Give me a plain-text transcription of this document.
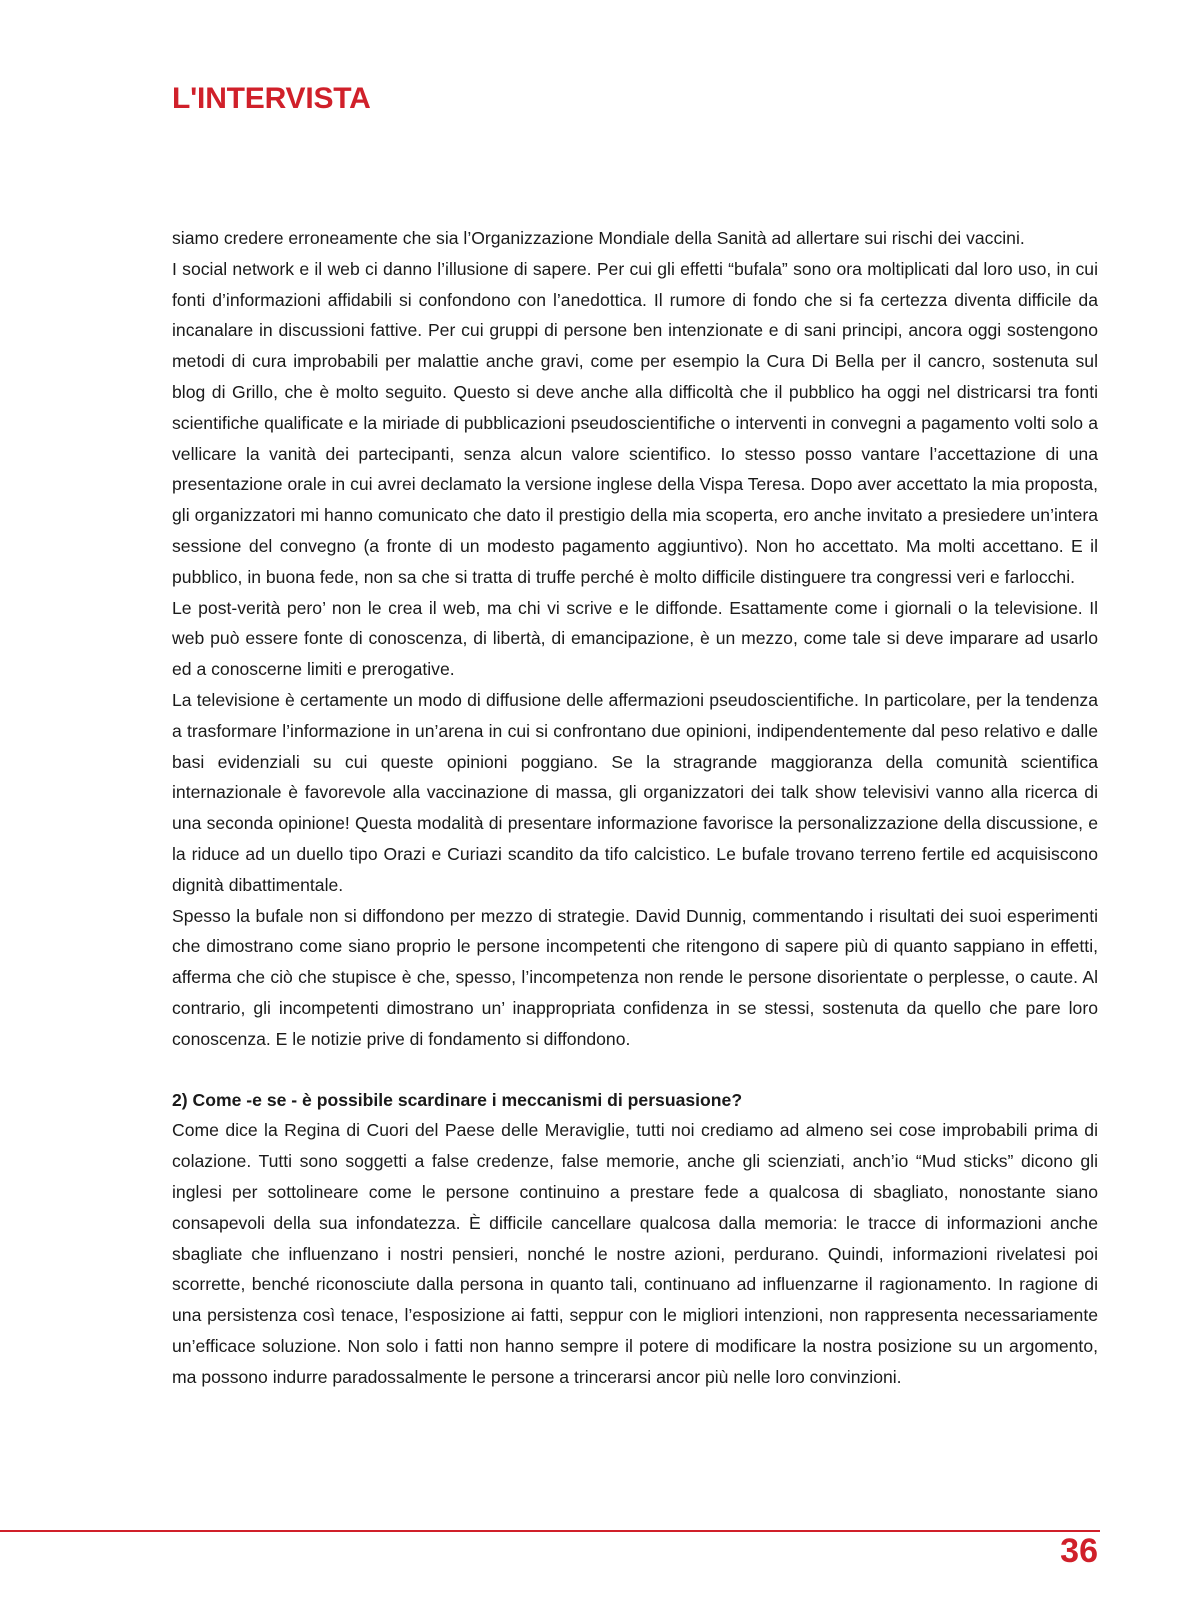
L'INTERVISTA

siamo credere erroneamente che sia l’Organizzazione Mondiale della Sanità ad allertare sui rischi dei vaccini.

I social network e il web ci danno l’illusione di sapere. Per cui gli effetti “bufala” sono ora moltiplicati dal loro uso, in cui fonti d’informazioni affidabili si confondono con l’anedottica. Il rumore di fondo che si fa certezza diventa difficile da incanalare in discussioni fattive. Per cui gruppi di persone ben intenzionate e di sani principi, ancora oggi sostengono metodi di cura improbabili per malattie anche gravi, come per esempio la Cura Di Bella per il cancro, sostenuta sul blog di Grillo, che è molto seguito. Questo si deve anche alla difficoltà che il pubblico ha oggi nel districarsi tra fonti scientifiche qualificate e la miriade di pubblicazioni pseudoscientifiche o interventi in convegni a pagamento volti solo a vellicare la vanità dei partecipanti, senza alcun valore scientifico. Io stesso posso vantare l’accettazione di una presentazione orale in cui avrei declamato la versione inglese della Vispa Teresa. Dopo aver accettato la mia proposta, gli organizzatori mi hanno comunicato che dato il prestigio della mia scoperta, ero anche invitato a presiedere un’intera sessione del convegno (a fronte di un modesto pagamento aggiuntivo). Non ho accettato. Ma molti accettano. E il pubblico, in buona fede, non sa che si tratta di truffe perché è molto difficile distinguere tra congressi veri e farlocchi.

Le post-verità pero’ non le crea il web, ma chi vi scrive e le diffonde. Esattamente come i giornali o la televisione. Il web può essere fonte di conoscenza, di libertà, di emancipazione, è un mezzo, come tale si deve imparare ad usarlo ed a conoscerne limiti e prerogative.

La televisione è certamente un modo di diffusione delle affermazioni pseudoscientifiche. In particolare, per la tendenza a trasformare l’informazione in un’arena in cui si confrontano due opinioni, indipendentemente dal peso relativo e dalle basi evidenziali su cui queste opinioni poggiano. Se la stragrande maggioranza della comunità scientifica internazionale è favorevole alla vaccinazione di massa, gli organizzatori dei talk show televisivi vanno alla ricerca di una seconda opinione! Questa modalità di presentare informazione favorisce la personalizzazione della discussione, e la riduce ad un duello tipo Orazi e Curiazi scandito da tifo calcistico. Le bufale trovano terreno fertile ed acquisiscono dignità dibattimentale.

Spesso la bufale non si diffondono per mezzo di strategie. David Dunnig, commentando i risultati dei suoi esperimenti che dimostrano come siano proprio le persone incompetenti che ritengono di sapere più di quanto sappiano in effetti, afferma che ciò che stupisce è che, spesso, l’incompetenza non rende le persone disorientate o perplesse, o caute. Al contrario, gli incompetenti dimostrano un’ inappropriata confidenza in se stessi, sostenuta da quello che pare loro conoscenza. E le notizie prive di fondamento si diffondono.

2) Come -e se - è possibile scardinare i meccanismi di persuasione?

Come dice la Regina di Cuori del Paese delle Meraviglie, tutti noi crediamo ad almeno sei cose improbabili prima di colazione. Tutti sono soggetti a false credenze, false memorie, anche gli scienziati, anch’io “Mud sticks” dicono gli inglesi per sottolineare come le persone continuino a prestare fede a qualcosa di sbagliato, nonostante siano consapevoli della sua infondatezza. È difficile cancellare qualcosa dalla memoria: le tracce di informazioni anche sbagliate che influenzano i nostri pensieri, nonché le nostre azioni, perdurano. Quindi, informazioni rivelatesi poi scorrette, benché riconosciute dalla persona in quanto tali, continuano ad influenzarne il ragionamento. In ragione di una persistenza così tenace, l’esposizione ai fatti, seppur con le migliori intenzioni, non rappresenta necessariamente un’efficace soluzione. Non solo i fatti non hanno sempre il potere di modificare la nostra posizione su un argomento, ma possono indurre paradossalmente le persone a trincerarsi ancor più nelle loro convinzioni.

36
